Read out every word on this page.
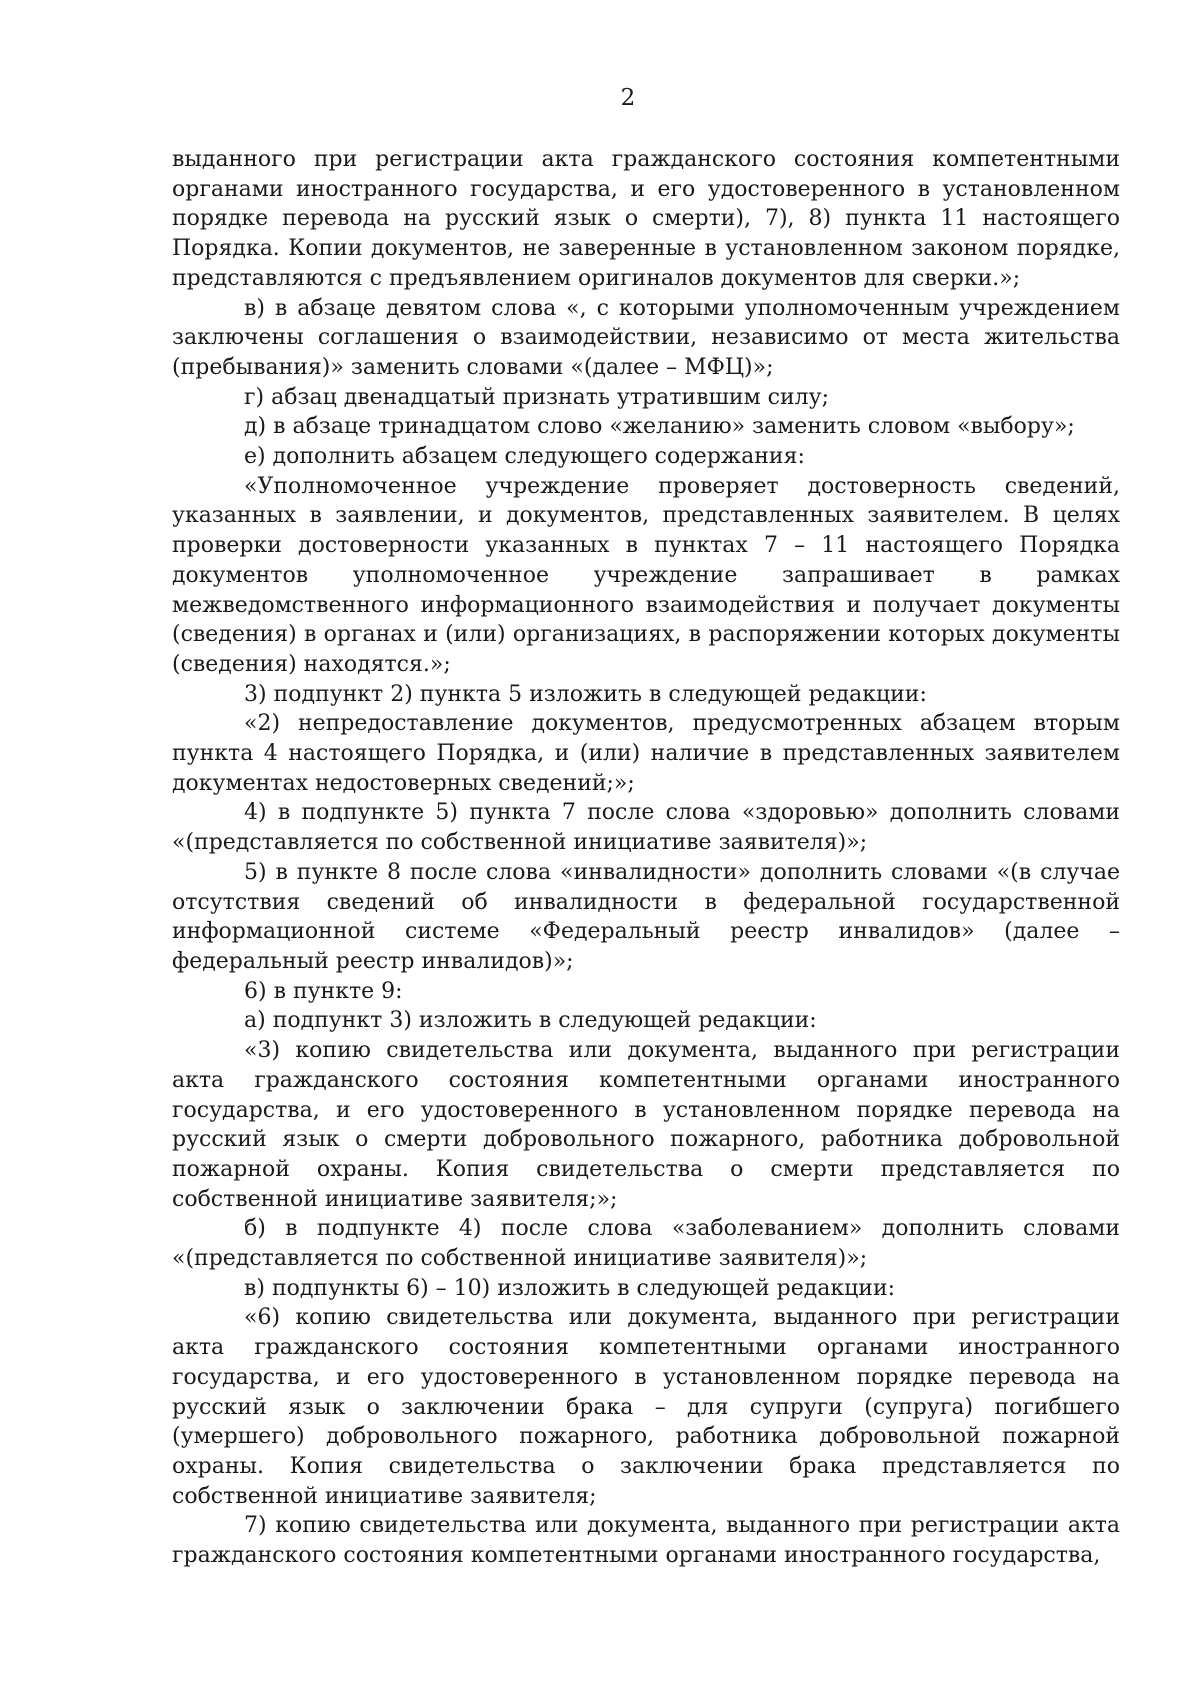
2

выданного при регистрации акта гражданского состояния компетентными органами иностранного государства, и его удостоверенного в установленном порядке перевода на русский язык о смерти), 7), 8) пункта 11 настоящего Порядка. Копии документов, не заверенные в установленном законом порядке, представляются с предъявлением оригиналов документов для сверки.»;

в) в абзаце девятом слова «, с которыми уполномоченным учреждением заключены соглашения о взаимодействии, независимо от места жительства (пребывания)» заменить словами «(далее – МФЦ)»;

г) абзац двенадцатый признать утратившим силу;

д) в абзаце тринадцатом слово «желанию» заменить словом «выбору»;

е) дополнить абзацем следующего содержания:

«Уполномоченное учреждение проверяет достоверность сведений, указанных в заявлении, и документов, представленных заявителем. В целях проверки достоверности указанных в пунктах 7 – 11 настоящего Порядка документов уполномоченное учреждение запрашивает в рамках межведомственного информационного взаимодействия и получает документы (сведения) в органах и (или) организациях, в распоряжении которых документы (сведения) находятся.»;

3) подпункт 2) пункта 5 изложить в следующей редакции:

«2) непредоставление документов, предусмотренных абзацем вторым пункта 4 настоящего Порядка, и (или) наличие в представленных заявителем документах недостоверных сведений;»;

4) в подпункте 5) пункта 7 после слова «здоровью» дополнить словами «(представляется по собственной инициативе заявителя)»;

5) в пункте 8 после слова «инвалидности» дополнить словами «(в случае отсутствия сведений об инвалидности в федеральной государственной информационной системе «Федеральный реестр инвалидов» (далее – федеральный реестр инвалидов)»;

6) в пункте 9:

а) подпункт 3) изложить в следующей редакции:

«3) копию свидетельства или документа, выданного при регистрации акта гражданского состояния компетентными органами иностранного государства, и его удостоверенного в установленном порядке перевода на русский язык о смерти добровольного пожарного, работника добровольной пожарной охраны. Копия свидетельства о смерти представляется по собственной инициативе заявителя;»;

б) в подпункте 4) после слова «заболеванием» дополнить словами «(представляется по собственной инициативе заявителя)»;

в) подпункты 6) – 10) изложить в следующей редакции:

«6) копию свидетельства или документа, выданного при регистрации акта гражданского состояния компетентными органами иностранного государства, и его удостоверенного в установленном порядке перевода на русский язык о заключении брака – для супруги (супруга) погибшего (умершего) добровольного пожарного, работника добровольной пожарной охраны. Копия свидетельства о заключении брака представляется по собственной инициативе заявителя;

7) копию свидетельства или документа, выданного при регистрации акта гражданского состояния компетентными органами иностранного государства,
